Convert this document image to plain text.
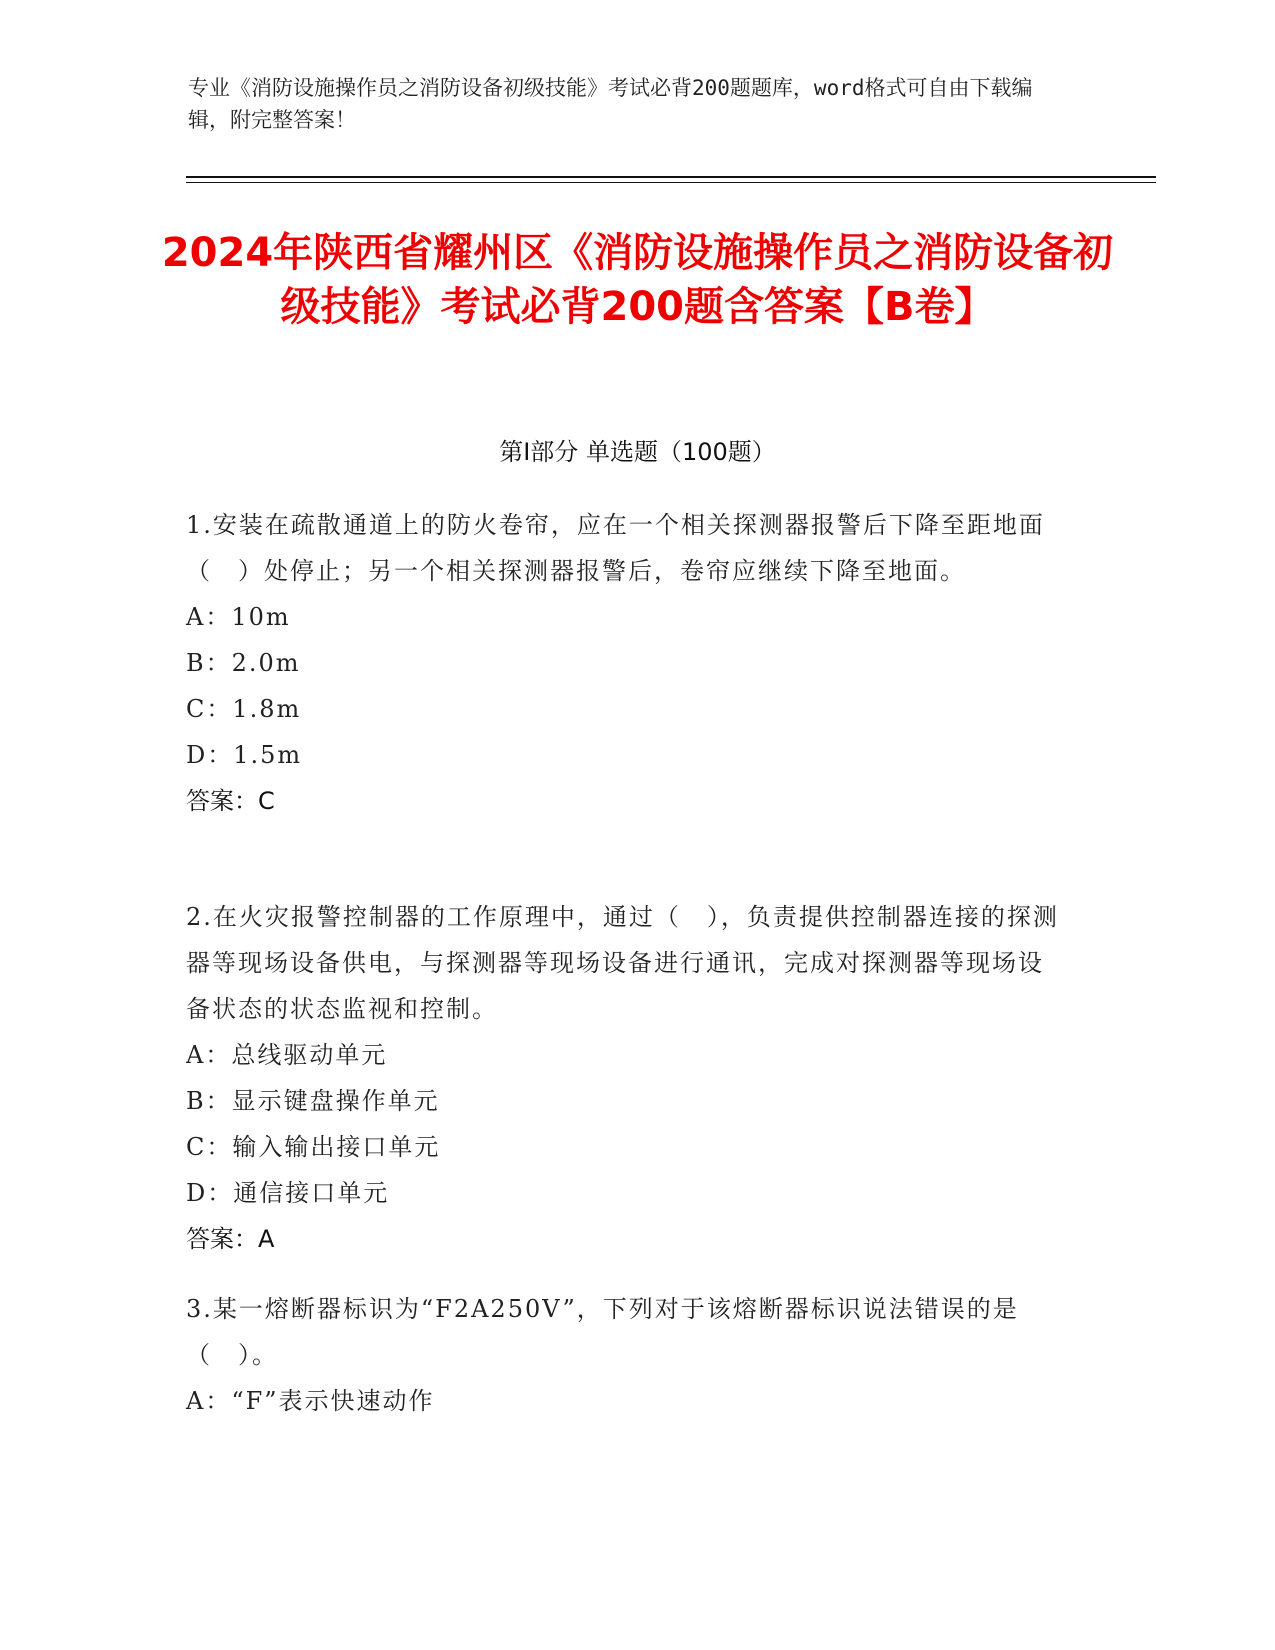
专业《消防设施操作员之消防设备初级技能》考试必背200题题库，word格式可自由下载编辑，附完整答案！
2024年陕西省耀州区《消防设施操作员之消防设备初级技能》考试必背200题含答案【B卷】
第I部分 单选题（100题）
1.安装在疏散通道上的防火卷帘，应在一个相关探测器报警后下降至距地面（　）处停止；另一个相关探测器报警后，卷帘应继续下降至地面。
A：10m
B：2.0m
C：1.8m
D：1.5m
答案：C
2.在火灾报警控制器的工作原理中，通过（　），负责提供控制器连接的探测器等现场设备供电，与探测器等现场设备进行通讯，完成对探测器等现场设备状态的状态监视和控制。
A：总线驱动单元
B：显示键盘操作单元
C：输入输出接口单元
D：通信接口单元
答案：A
3.某一熔断器标识为“F2A250V”，下列对于该熔断器标识说法错误的是（　）。
A：“F”表示快速动作
